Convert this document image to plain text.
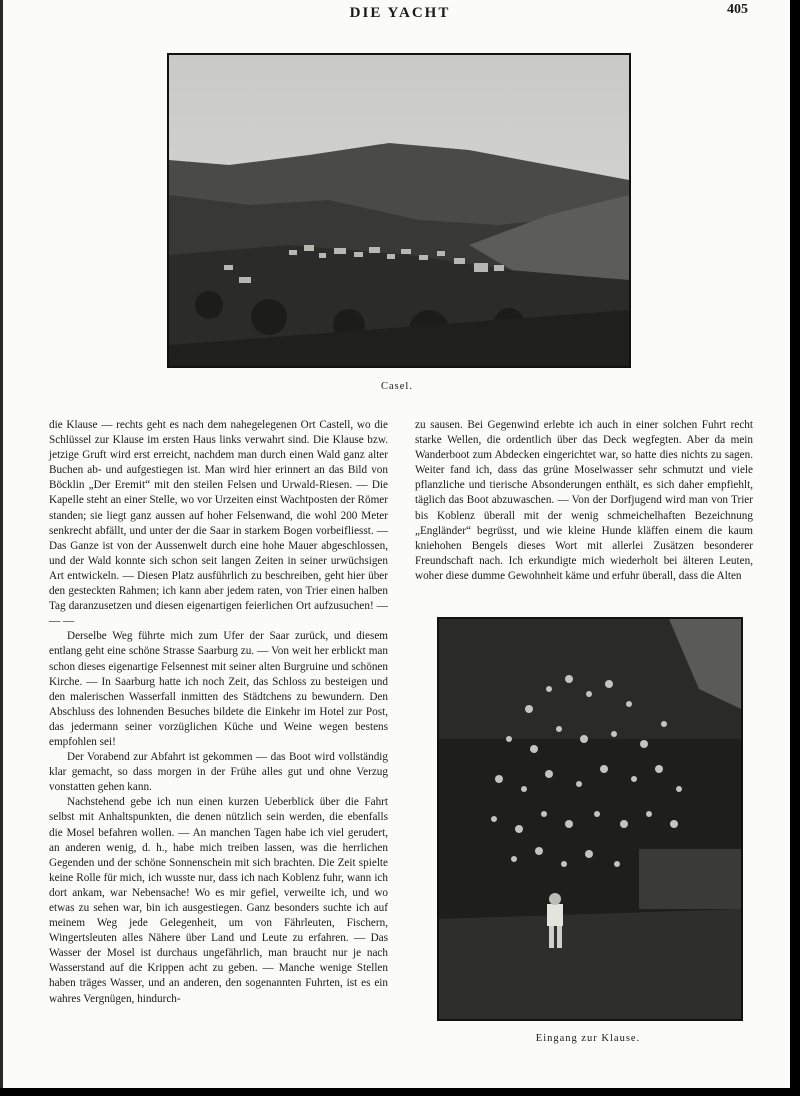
DIE YACHT	405
Casel.

die Klause — rechts geht es nach dem nahegelegenen Ort Castell, wo die Schlüssel zur Klause im ersten Haus links verwahrt sind. Die Klause bzw. jetzige Gruft wird erst erreicht, nachdem man durch einen Wald ganz alter Buchen ab- und aufgestiegen ist. Man wird hier erinnert an das Bild von Böcklin „Der Eremit“ mit den steilen Felsen und Urwald-Riesen. — Die Kapelle steht an einer Stelle, wo vor Urzeiten einst Wachtposten der Römer standen; sie liegt ganz aussen auf hoher Felsenwand, die wohl 200 Meter senkrecht abfällt, und unter der die Saar in starkem Bogen vorbeifliesst. — Das Ganze ist von der Aussenwelt durch eine hohe Mauer abgeschlossen, und der Wald konnte sich schon seit langen Zeiten in seiner urwüchsigen Art entwickeln. — Diesen Platz ausführlich zu beschreiben, geht hier über den gesteckten Rahmen; ich kann aber jedem raten, von Trier einen halben Tag daranzusetzen und diesen eigenartigen feierlichen Ort aufzusuchen! — — —

Derselbe Weg führte mich zum Ufer der Saar zurück, und diesem entlang geht eine schöne Strasse Saarburg zu. — Von weit her erblickt man schon dieses eigenartige Felsennest mit seiner alten Burgruine und schönen Kirche. — In Saarburg hatte ich noch Zeit, das Schloss zu besteigen und den malerischen Wasserfall inmitten des Städtchens zu bewundern. Den Abschluss des lohnenden Besuches bildete die Einkehr im Hotel zur Post, das jedermann seiner vorzüglichen Küche und Weine wegen bestens empfohlen sei!

Der Vorabend zur Abfahrt ist gekommen — das Boot wird vollständig klar gemacht, so dass morgen in der Frühe alles gut und ohne Verzug vonstatten gehen kann.

Nachstehend gebe ich nun einen kurzen Ueberblick über die Fahrt selbst mit Anhaltspunkten, die denen nützlich sein werden, die ebenfalls die Mosel befahren wollen. — An manchen Tagen habe ich viel gerudert, an anderen wenig, d. h., habe mich treiben lassen, was die herrlichen Gegenden und der schöne Sonnenschein mit sich brachten. Die Zeit spielte keine Rolle für mich, ich wusste nur, dass ich nach Koblenz fuhr, wann ich dort ankam, war Nebensache! Wo es mir gefiel, verweilte ich, und wo etwas zu sehen war, bin ich ausgestiegen. Ganz besonders suchte ich auf meinem Weg jede Gelegenheit, um von Fährleuten, Fischern, Wingertsleuten alles Nähere über Land und Leute zu erfahren. — Das Wasser der Mosel ist durchaus ungefährlich, man braucht nur je nach Wasserstand auf die Krippen acht zu geben. — Manche wenige Stellen haben träges Wasser, und an anderen, den sogenannten Fuhrten, ist es ein wahres Vergnügen, hindurch-

zu sausen. Bei Gegenwind erlebte ich auch in einer solchen Fuhrt recht starke Wellen, die ordentlich über das Deck wegfegten. Aber da mein Wanderboot zum Abdecken eingerichtet war, so hatte dies nichts zu sagen. Weiter fand ich, dass das grüne Moselwasser sehr schmutzt und viele pflanzliche und tierische Absonderungen enthält, es sich daher empfiehlt, täglich das Boot abzuwaschen. — Von der Dorfjugend wird man von Trier bis Koblenz überall mit der wenig schmeichelhaften Bezeichnung „Engländer“ begrüsst, und wie kleine Hunde kläffen einem die kaum kniehohen Bengels dieses Wort mit allerlei Zusätzen besonderer Freundschaft nach. Ich erkundigte mich wiederholt bei älteren Leuten, woher diese dumme Gewohnheit käme und erfuhr überall, dass die Alten

Eingang zur Klause.
